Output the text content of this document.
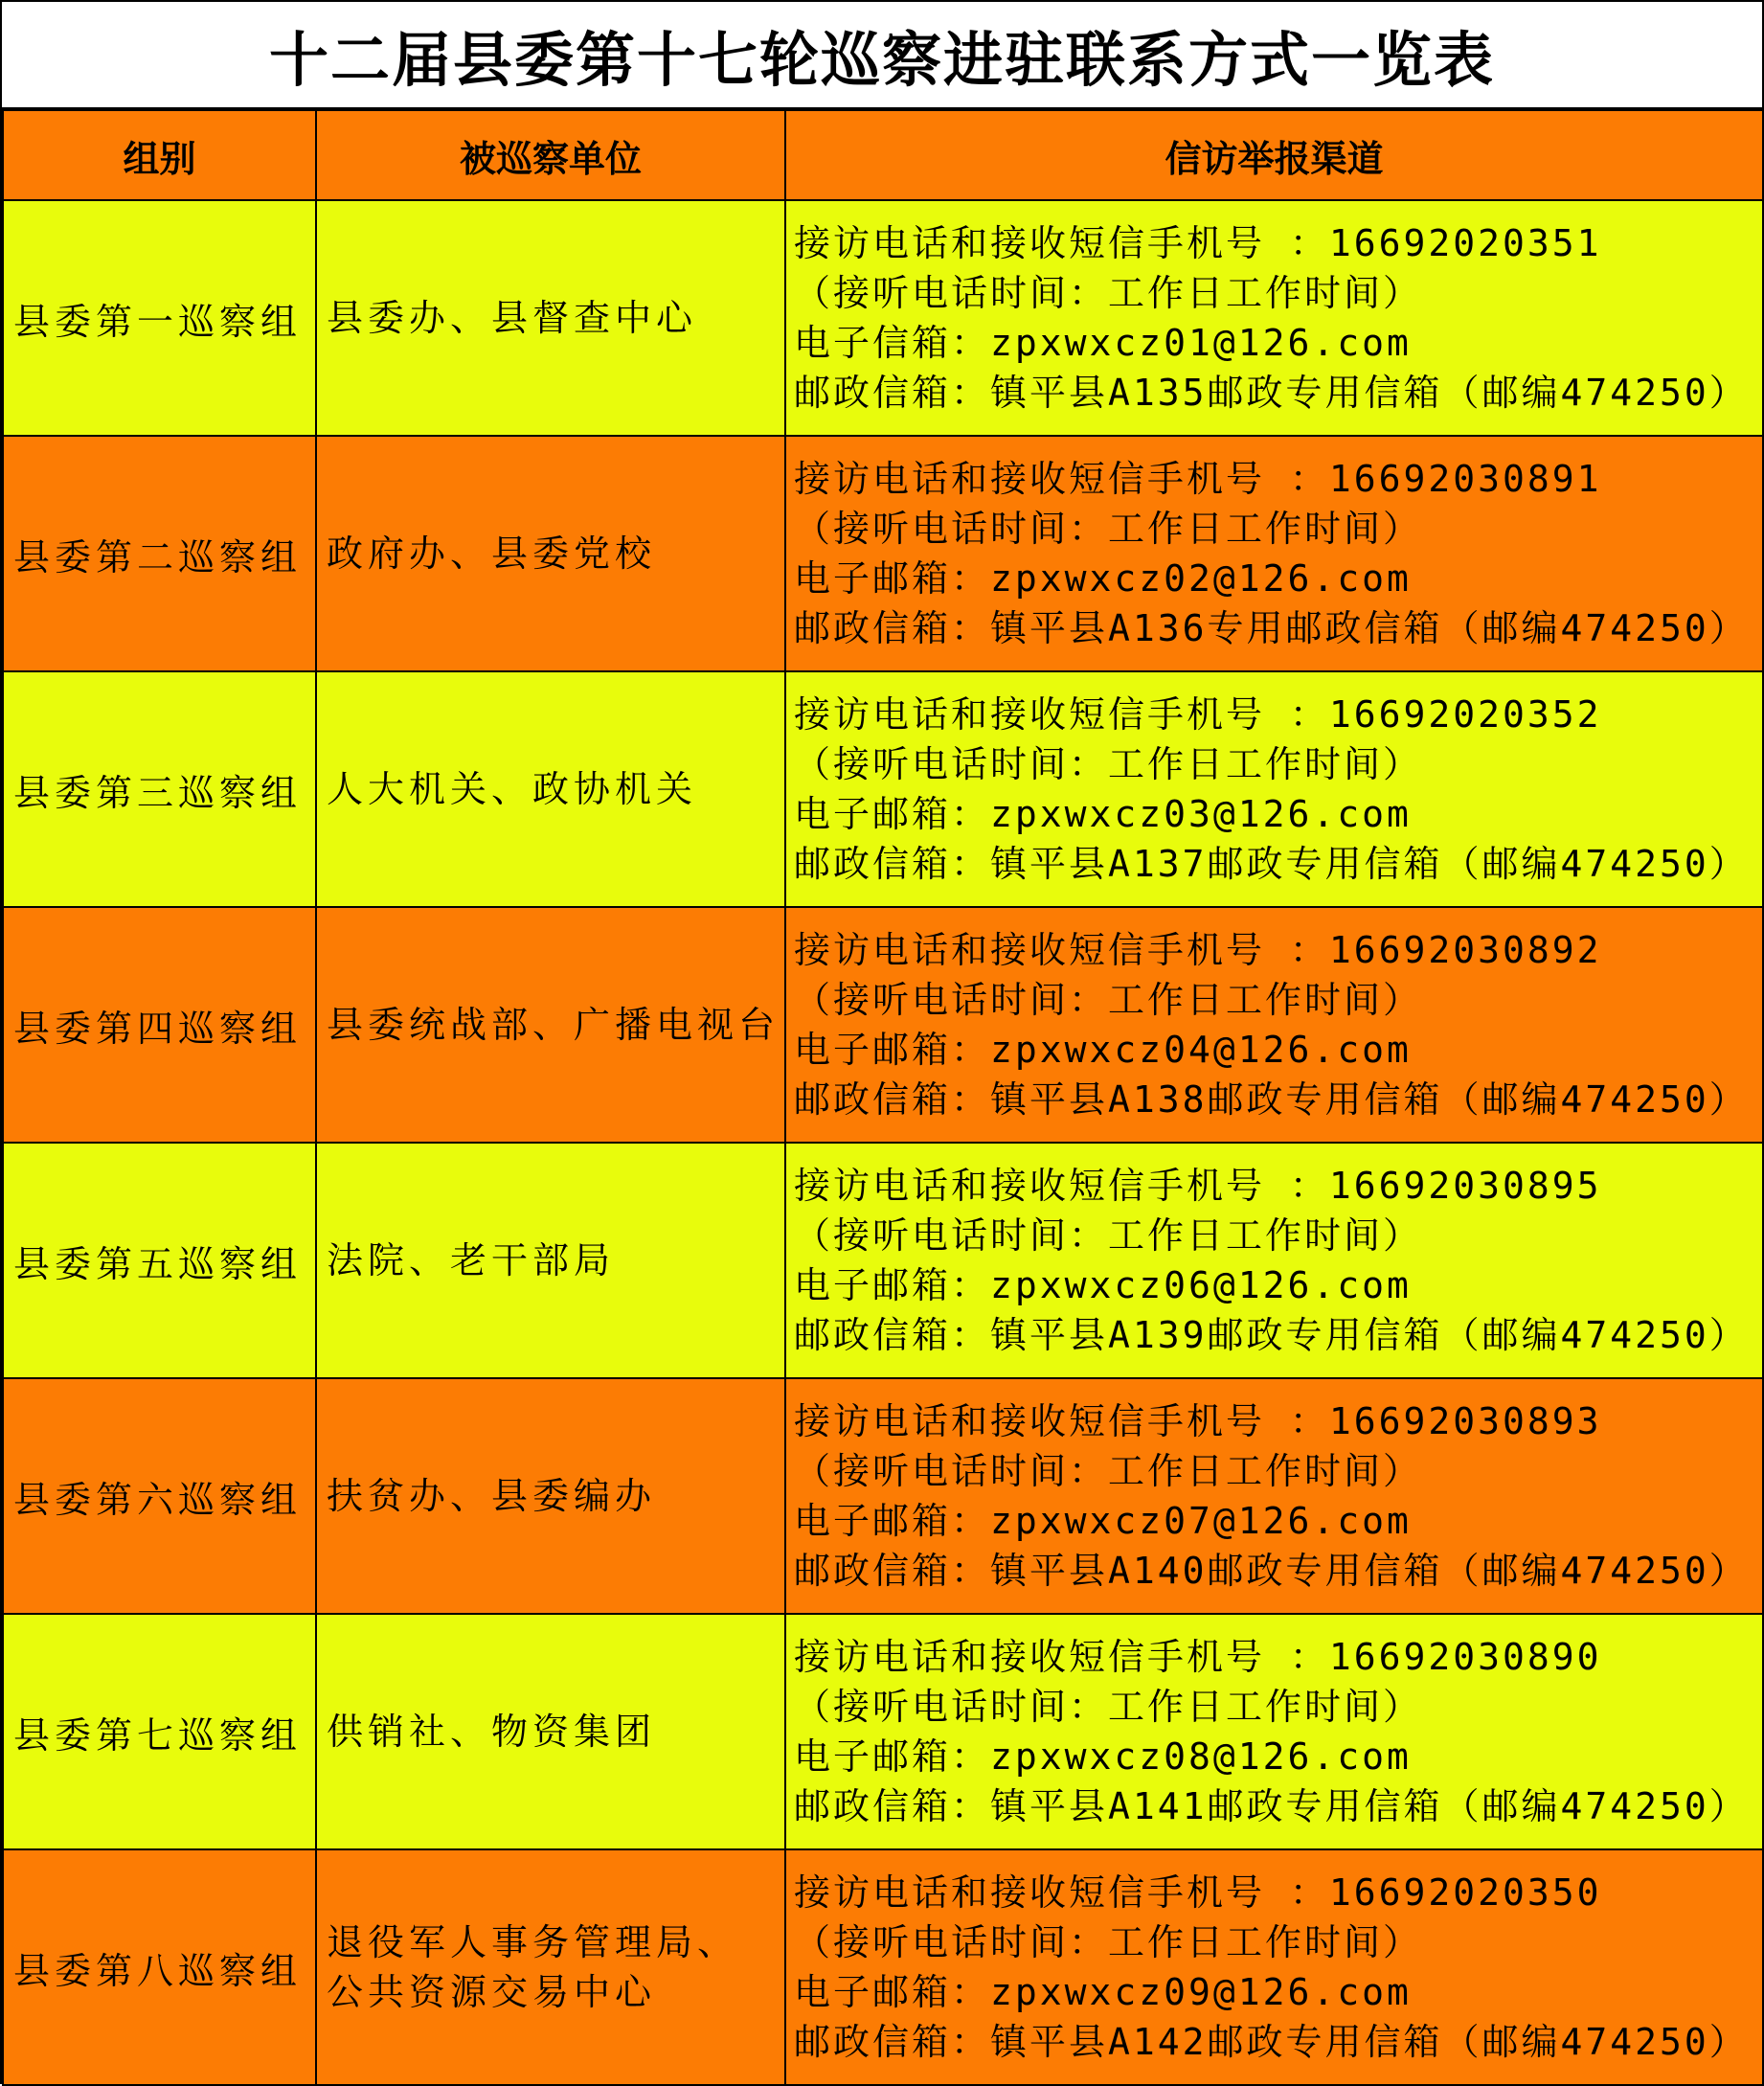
十二届县委第十七轮巡察进驻联系方式一览表
组别	被巡察单位	信访举报渠道
县委第一巡察组	县委办、县督查中心	接访电话和接收短信手机号 ：16692020351
（接听电话时间：工作日工作时间）
电子信箱：zpxwxcz01@126.com
邮政信箱：镇平县A135邮政专用信箱（邮编474250）

县委第二巡察组	政府办、县委党校	接访电话和接收短信手机号 ：16692030891
（接听电话时间：工作日工作时间）
电子邮箱：zpxwxcz02@126.com
邮政信箱：镇平县A136专用邮政信箱（邮编474250）

县委第三巡察组	人大机关、政协机关	接访电话和接收短信手机号 ：16692020352
（接听电话时间：工作日工作时间）
电子邮箱：zpxwxcz03@126.com
邮政信箱：镇平县A137邮政专用信箱（邮编474250）

县委第四巡察组	县委统战部、广播电视台	接访电话和接收短信手机号 ：16692030892
（接听电话时间：工作日工作时间）
电子邮箱：zpxwxcz04@126.com
邮政信箱：镇平县A138邮政专用信箱（邮编474250）

县委第五巡察组	法院、老干部局	接访电话和接收短信手机号 ：16692030895
（接听电话时间：工作日工作时间）
电子邮箱：zpxwxcz06@126.com
邮政信箱：镇平县A139邮政专用信箱（邮编474250）

县委第六巡察组	扶贫办、县委编办	接访电话和接收短信手机号 ：16692030893
（接听电话时间：工作日工作时间）
电子邮箱：zpxwxcz07@126.com
邮政信箱：镇平县A140邮政专用信箱（邮编474250）

县委第七巡察组	供销社、物资集团	接访电话和接收短信手机号 ：16692030890
（接听电话时间：工作日工作时间）
电子邮箱：zpxwxcz08@126.com
邮政信箱：镇平县A141邮政专用信箱（邮编474250）

县委第八巡察组	退役军人事务管理局、
公共资源交易中心	接访电话和接收短信手机号 ：16692020350
（接听电话时间：工作日工作时间）
电子邮箱：zpxwxcz09@126.com
邮政信箱：镇平县A142邮政专用信箱（邮编474250）
